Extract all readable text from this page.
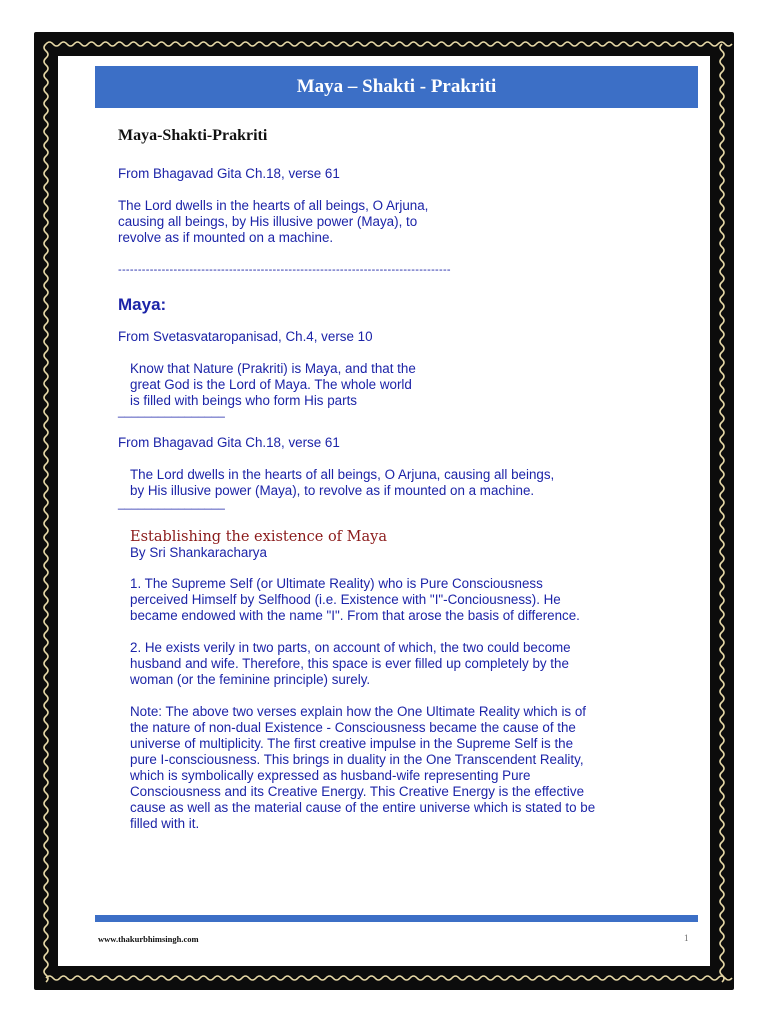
Maya – Shakti - Prakriti

Maya-Shakti-Prakriti

From Bhagavad Gita Ch.18, verse 61

The Lord dwells in the hearts of all beings, O Arjuna,

causing all beings, by His illusive power (Maya), to

revolve as if mounted on a machine.

------------------------------------------------------------------------------------

Maya:

From Svetasvataropanisad, Ch.4, verse 10

Know that Nature (Prakriti) is Maya, and that the

great God is the Lord of Maya. The whole world

is filled with beings who form His parts

________________

From Bhagavad Gita Ch.18, verse 61

The Lord dwells in the hearts of all beings, O Arjuna, causing all beings,

by His illusive power (Maya), to revolve as if mounted on a machine.

________________

Establishing the existence of Maya

By Sri Shankaracharya

1. The Supreme Self (or Ultimate Reality) who is Pure Consciousness

perceived Himself by Selfhood (i.e. Existence with "I"-Conciousness). He

became endowed with the name "I". From that arose the basis of difference.

2. He exists verily in two parts, on account of which, the two could become

husband and wife. Therefore, this space is ever filled up completely by the

woman (or the feminine principle) surely.

Note: The above two verses explain how the One Ultimate Reality which is of

the nature of non-dual Existence - Consciousness became the cause of the

universe of multiplicity. The first creative impulse in the Supreme Self is the

pure I-consciousness. This brings in duality in the One Transcendent Reality,

which is symbolically expressed as husband-wife representing Pure

Consciousness and its Creative Energy. This Creative Energy is the effective

cause as well as the material cause of the entire universe which is stated to be

filled with it.

www.thakurbhimsingh.com	1
